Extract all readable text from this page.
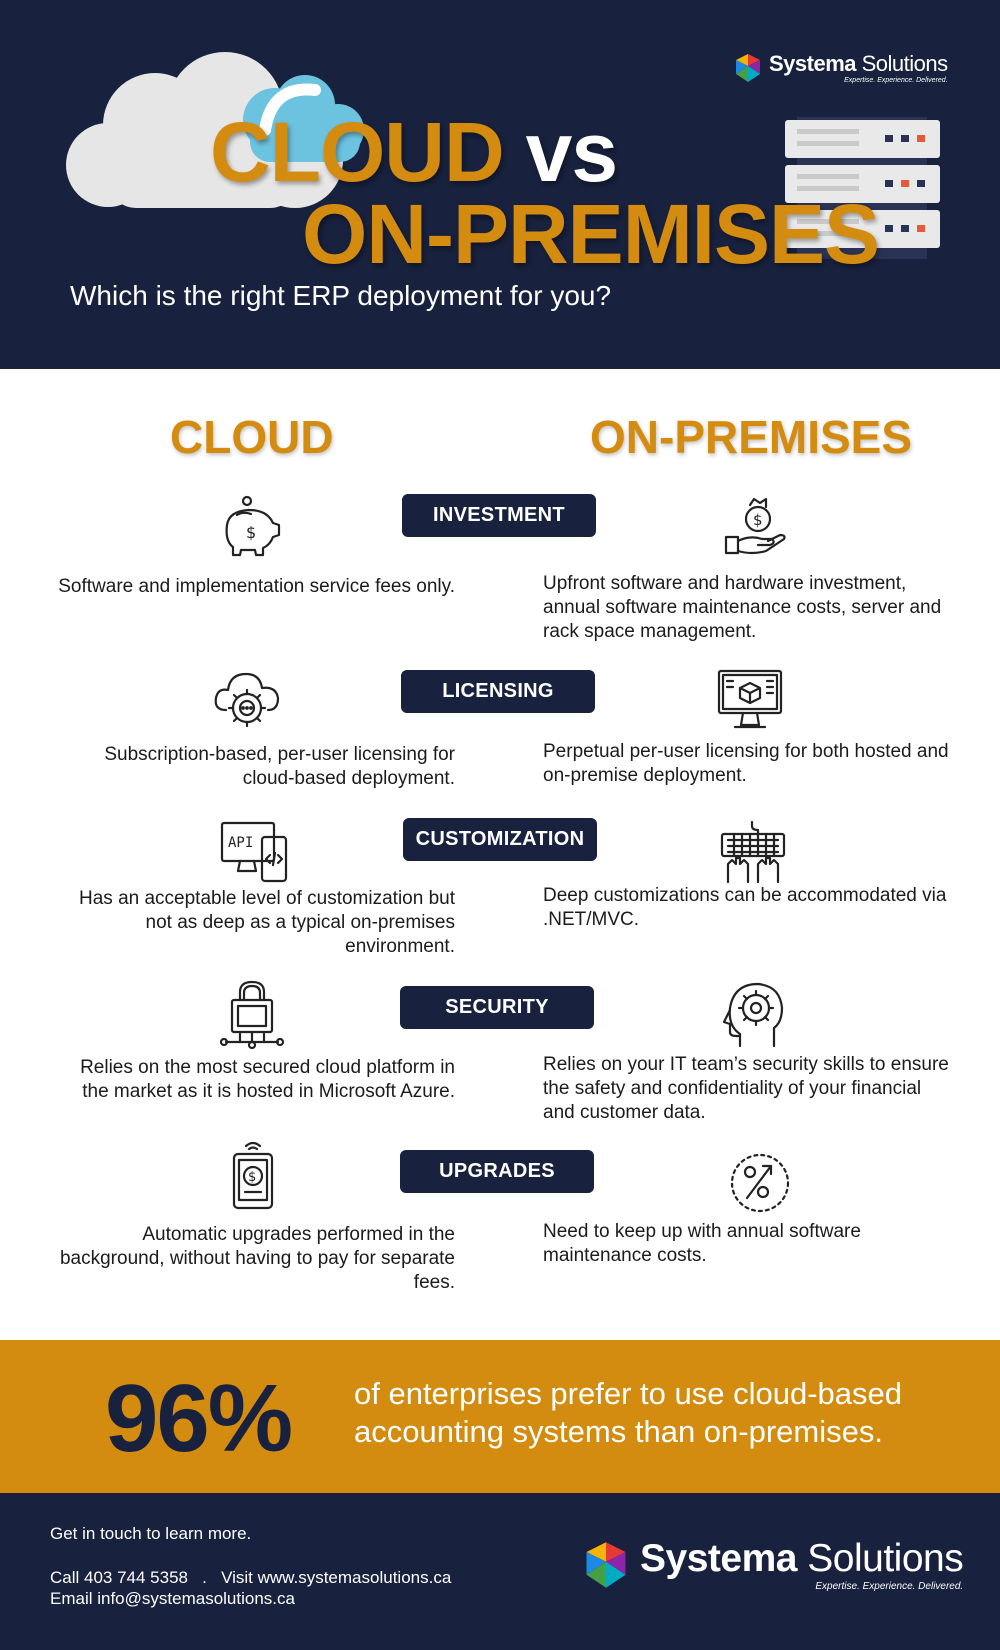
Systema Solutions
Expertise. Experience. Delivered.
CLOUD vs
ON-PREMISES
Which is the right ERP deployment for you?
CLOUD	ON-PREMISES
INVESTMENT
$
$
Software and implementation service fees only.	Upfront software and hardware investment, annual software maintenance costs, server and rack space management.
LICENSING
Subscription-based, per-user licensing for cloud-based deployment.
Perpetual per-user licensing for both hosted and on-premise deployment.
CUSTOMIZATION
API
Has an acceptable level of customization but not as deep as a typical on-premises environment.
Deep customizations can be accommodated via .NET/MVC.
SECURITY
Relies on the most secured cloud platform in the market as it is hosted in Microsoft Azure.
Relies on your IT team’s security skills to ensure the safety and confidentiality of your financial and customer data.
UPGRADES
$
Automatic upgrades performed in the background, without having to pay for separate fees.
Need to keep up with annual software maintenance costs.
96% of enterprises prefer to use cloud-based accounting systems than on-premises.
Get in touch to learn more.
Call 403 744 5358   .   Visit www.systemasolutions.ca
Email info@systemasolutions.ca
Systema Solutions
Expertise. Experience. Delivered.
